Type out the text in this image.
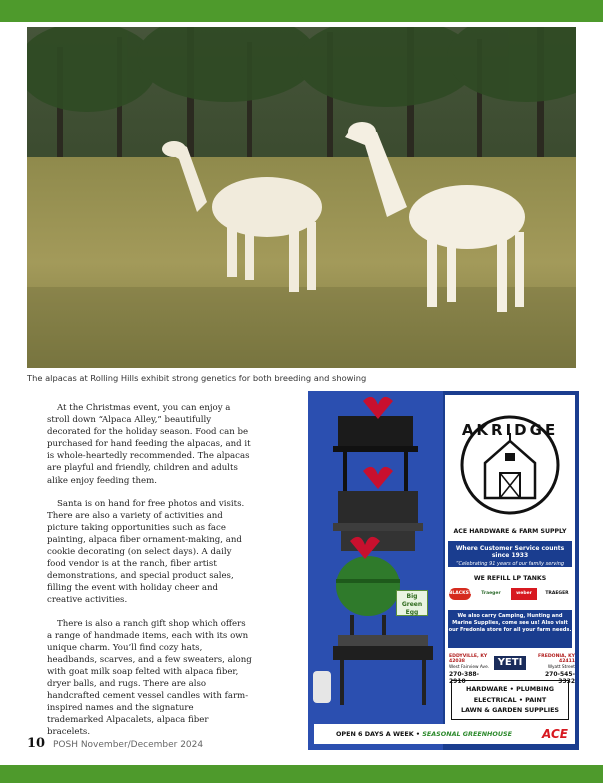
The alpacas at Rolling Hills exhibit strong genetics for both breeding and showing

At the Christmas event, you can enjoy a stroll down “Alpaca Alley,” beautifully decorated for the holiday season. Food can be purchased for hand feeding the alpacas, and it is whole-heartedly recommended. The alpacas are playful and friendly, children and adults alike enjoy feeding them.

Santa is on hand for free photos and visits. There are also a variety of activities and picture taking opportunities such as face painting, alpaca fiber ornament-making, and cookie decorating (on select days). A daily food vendor is at the ranch, fiber artist demonstrations, and special product sales, filling the event with holiday cheer and creative activities.

There is also a ranch gift shop which offers a range of handmade items, each with its own unique charm. You’ll find cozy hats, headbands, scarves, and a few sweaters, along with goat milk soap felted with alpaca fiber, dryer balls, and rugs. There are also handcrafted cement vessel candles with farm-inspired names and the signature trademarked Alpacalets, alpaca fiber bracelets.

Big Green Egg
AKRIDGE
ACE HARDWARE & FARM SUPPLY
Where Customer Service counts since 1933
“Celebrating 91 years of our family serving yours”
WE REFILL LP TANKS
BLACKSTONE
Traeger	weber	TRAEGER
We also carry Camping, Hunting and Marine Supplies, come see us! Also visit our Fredonia store for all your farm needs.
EDDYVILLE, KY 42038
West Fairview Ave.
270-388-2910
YETI
FREDONIA, KY 42411
Wyatt Street
270-545-3332
HARDWARE • PLUMBING
ELECTRICAL • PAINT
LAWN & GARDEN SUPPLIES
OPEN 6 DAYS A WEEK • SEASONAL GREENHOUSE	ACE
10 POSH November/December 2024
